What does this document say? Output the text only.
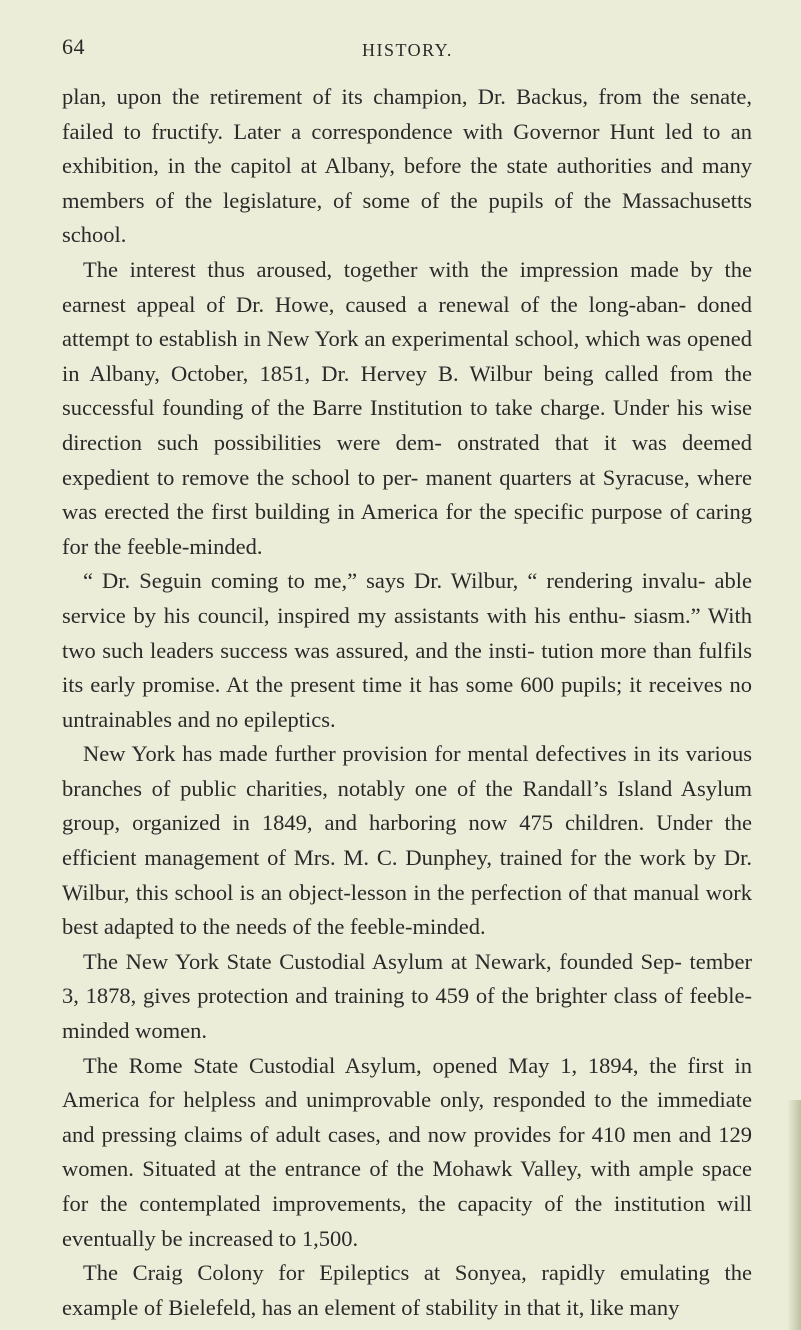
64	HISTORY.

plan, upon the retirement of its champion, Dr. Backus, from the senate, failed to fructify. Later a correspondence with Governor Hunt led to an exhibition, in the capitol at Albany, before the state authorities and many members of the legislature, of some of the pupils of the Massachusetts school.

The interest thus aroused, together with the impression made by the earnest appeal of Dr. Howe, caused a renewal of the long-aban- doned attempt to establish in New York an experimental school, which was opened in Albany, October, 1851, Dr. Hervey B. Wilbur being called from the successful founding of the Barre Institution to take charge. Under his wise direction such possibilities were dem- onstrated that it was deemed expedient to remove the school to per- manent quarters at Syracuse, where was erected the first building in America for the specific purpose of caring for the feeble-minded.

“ Dr. Seguin coming to me,” says Dr. Wilbur, “ rendering invalu- able service by his council, inspired my assistants with his enthu- siasm.” With two such leaders success was assured, and the insti- tution more than fulfils its early promise. At the present time it has some 600 pupils; it receives no untrainables and no epileptics.

New York has made further provision for mental defectives in its various branches of public charities, notably one of the Randall’s Island Asylum group, organized in 1849, and harboring now 475 children. Under the efficient management of Mrs. M. C. Dunphey, trained for the work by Dr. Wilbur, this school is an object-lesson in the perfection of that manual work best adapted to the needs of the feeble-minded.

The New York State Custodial Asylum at Newark, founded Sep- tember 3, 1878, gives protection and training to 459 of the brighter class of feeble-minded women.

The Rome State Custodial Asylum, opened May 1, 1894, the first in America for helpless and unimprovable only, responded to the immediate and pressing claims of adult cases, and now provides for 410 men and 129 women. Situated at the entrance of the Mohawk Valley, with ample space for the contemplated improvements, the capacity of the institution will eventually be increased to 1,500.

The Craig Colony for Epileptics at Sonyea, rapidly emulating the example of Bielefeld, has an element of stability in that it, like many
